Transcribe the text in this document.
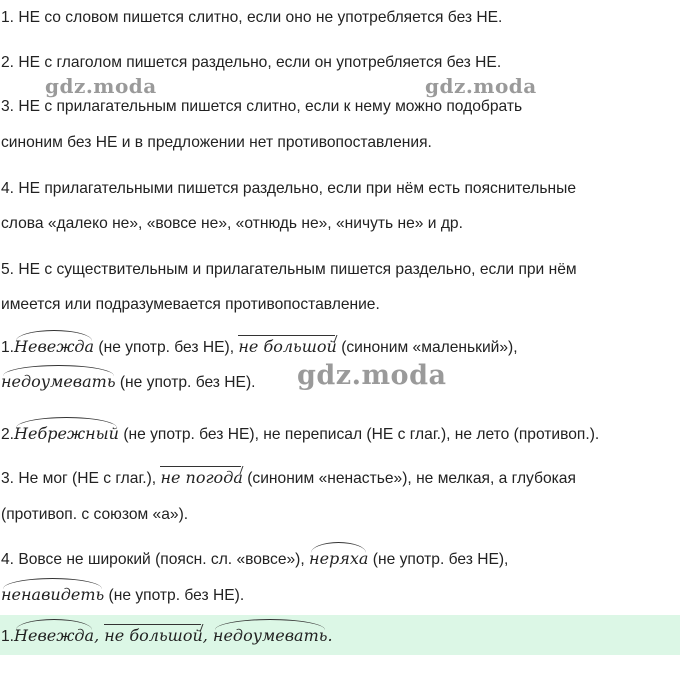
1. НЕ со словом пишется слитно, если оно не употребляется без НЕ.
2. НЕ с глаголом пишется раздельно, если он употребляется без НЕ.
3. НЕ с прилагательным пишется слитно, если к нему можно подобрать
синоним без НЕ и в предложении нет противопоставления.
4. НЕ прилагательными пишется раздельно, если при нём есть пояснительные
слова «далеко не», «вовсе не», «отнюдь не», «ничуть не» и др.
5. НЕ с существительным и прилагательным пишется раздельно, если при нём
имеется или подразумевается противопоставление.
1.Невежда (не употр. без НЕ), не большой (синоним «маленький»),
недоумевать (не употр. без НЕ).
2.Небрежный (не употр. без НЕ), не переписал (НЕ с глаг.), не лето (противоп.).
3. Не мог (НЕ с глаг.), не погода (синоним «ненастье»), не мелкая, а глубокая
(противоп. с союзом «а»).
4. Вовсе не широкий (поясн. сл. «вовсе»), неряха (не употр. без НЕ),
ненавидеть (не употр. без НЕ).
1.Невежда, не большой, недоумевать.
gdz.moda	gdz.moda
gdz.moda
